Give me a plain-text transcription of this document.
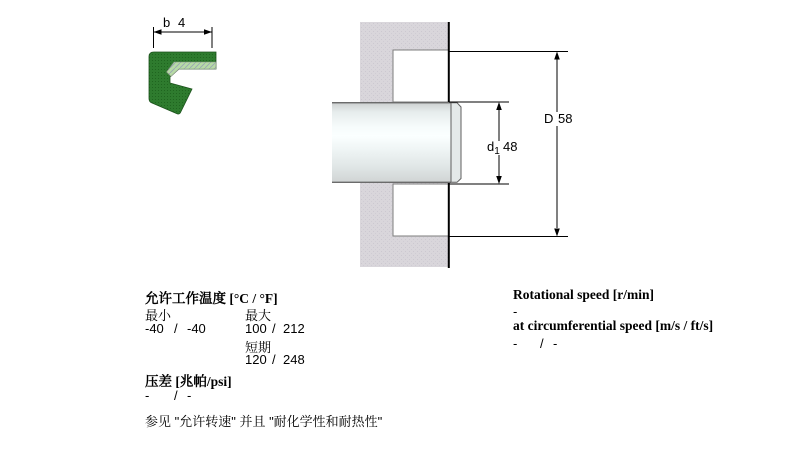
b 4
$d_1$ 48
D 58
允许工作温度 [°C / °F]
最小	最大
-40 / -40	100 / 212
短期
120 / 248
压差 [兆帕/psi]
- / -
参见 "允许转速" 并且 "耐化学性和耐热性"
Rotational speed [r/min]
-
at circumferential speed [m/s / ft/s]
- / -
